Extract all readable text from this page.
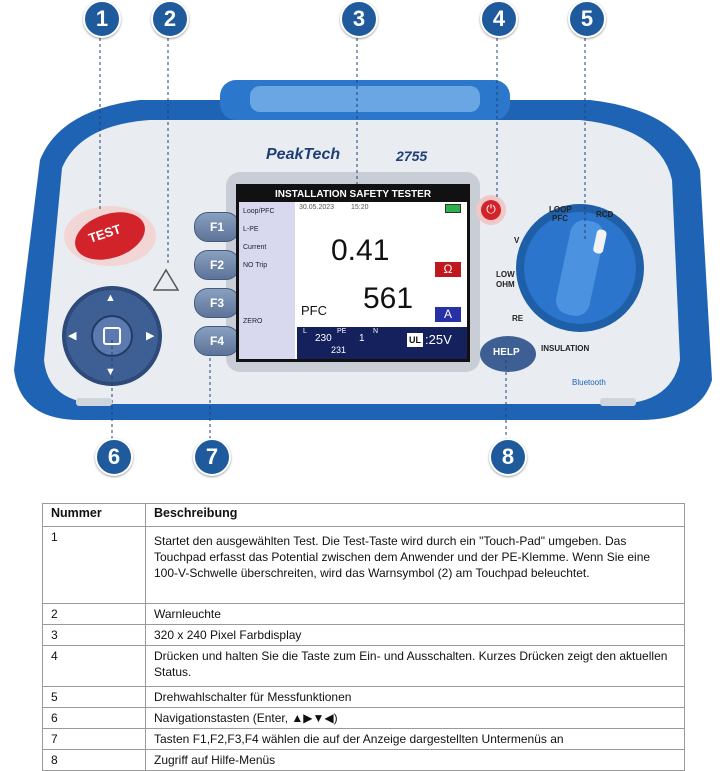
PeakTech	2755
TEST
HELP
⏻
F1
F2
F3
F4
▲
▼
◀	▶
LOOP
PFC	RCD
V
LOW
OHM
RE
INSULATION
Bluetooth
1	2	3	4	5
6	7	8
INSTALLATION SAFETY TESTER
Loop/PFC
L-PE
Current
NO Trip
ZERO
30.05.2023 15:20
0.41
Ω
PFC 561	A
L
230
PE
231
N
1	UL :25V
Nummer	Beschreibung
1	Startet den ausgewählten Test. Die Test-Taste wird durch ein "Touch-Pad" umgeben. Das Touchpad erfasst das Potential zwischen dem Anwender und der PE-Klemme. Wenn Sie eine 100-V-Schwelle überschreiten, wird das Warnsymbol (2) am Touchpad beleuchtet.
2	Warnleuchte
3	320 x 240 Pixel Farbdisplay
4	Drücken und halten Sie die Taste zum Ein- und Ausschalten. Kurzes Drücken zeigt den aktuellen Status.
5	Drehwahlschalter für Messfunktionen
6	Navigationstasten (Enter, ▲▶▼◀)
7	Tasten F1,F2,F3,F4 wählen die auf der Anzeige dargestellten Untermenüs an
8	Zugriff auf Hilfe-Menüs
